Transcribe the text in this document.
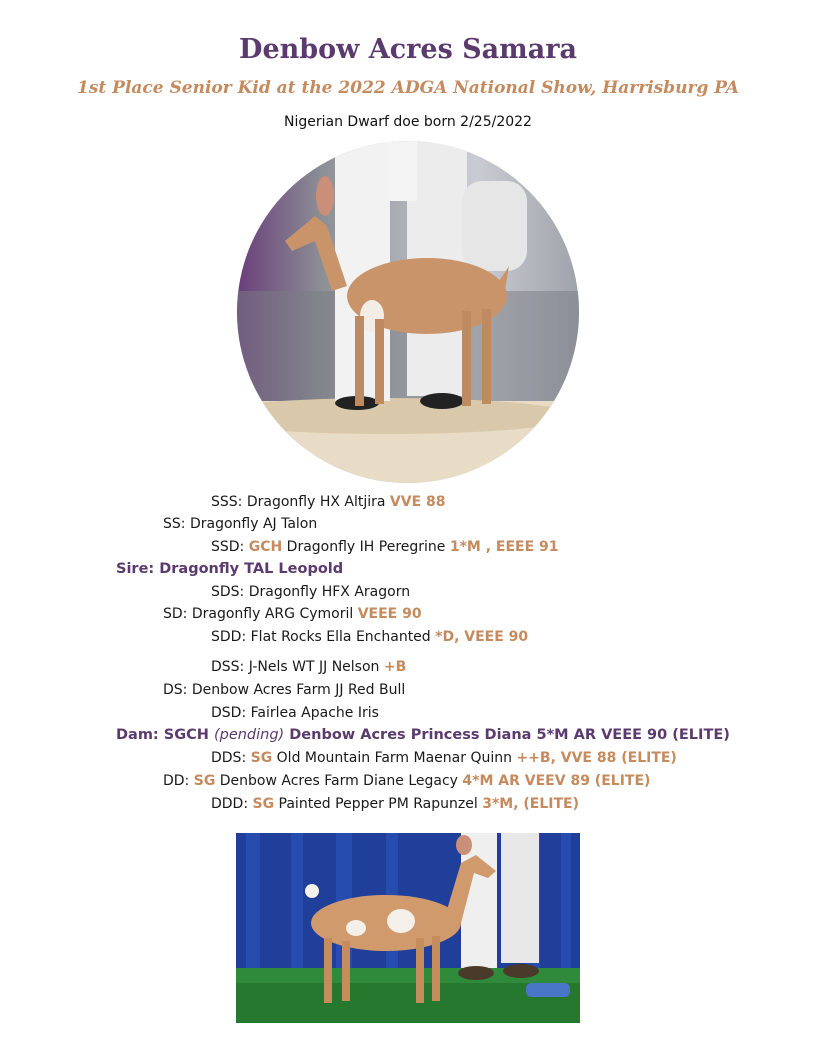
Denbow Acres Samara
1st Place Senior Kid at the 2022 ADGA National Show, Harrisburg PA
Nigerian Dwarf doe born 2/25/2022
SSS: Dragonfly HX Altjira VVE 88
SS: Dragonfly AJ Talon
SSD: GCH Dragonfly IH Peregrine 1*M , EEEE 91
Sire: Dragonfly TAL Leopold
SDS: Dragonfly HFX Aragorn
SD: Dragonfly ARG Cymoril VEEE 90
SDD: Flat Rocks Ella Enchanted *D, VEEE 90
DSS: J-Nels WT JJ Nelson +B
DS: Denbow Acres Farm JJ Red Bull
DSD: Fairlea Apache Iris
Dam: SGCH (pending) Denbow Acres Princess Diana 5*M AR VEEE 90 (ELITE)
DDS: SG Old Mountain Farm Maenar Quinn ++B, VVE 88 (ELITE)
DD: SG Denbow Acres Farm Diane Legacy 4*M AR VEEV 89 (ELITE)
DDD: SG Painted Pepper PM Rapunzel 3*M, (ELITE)
